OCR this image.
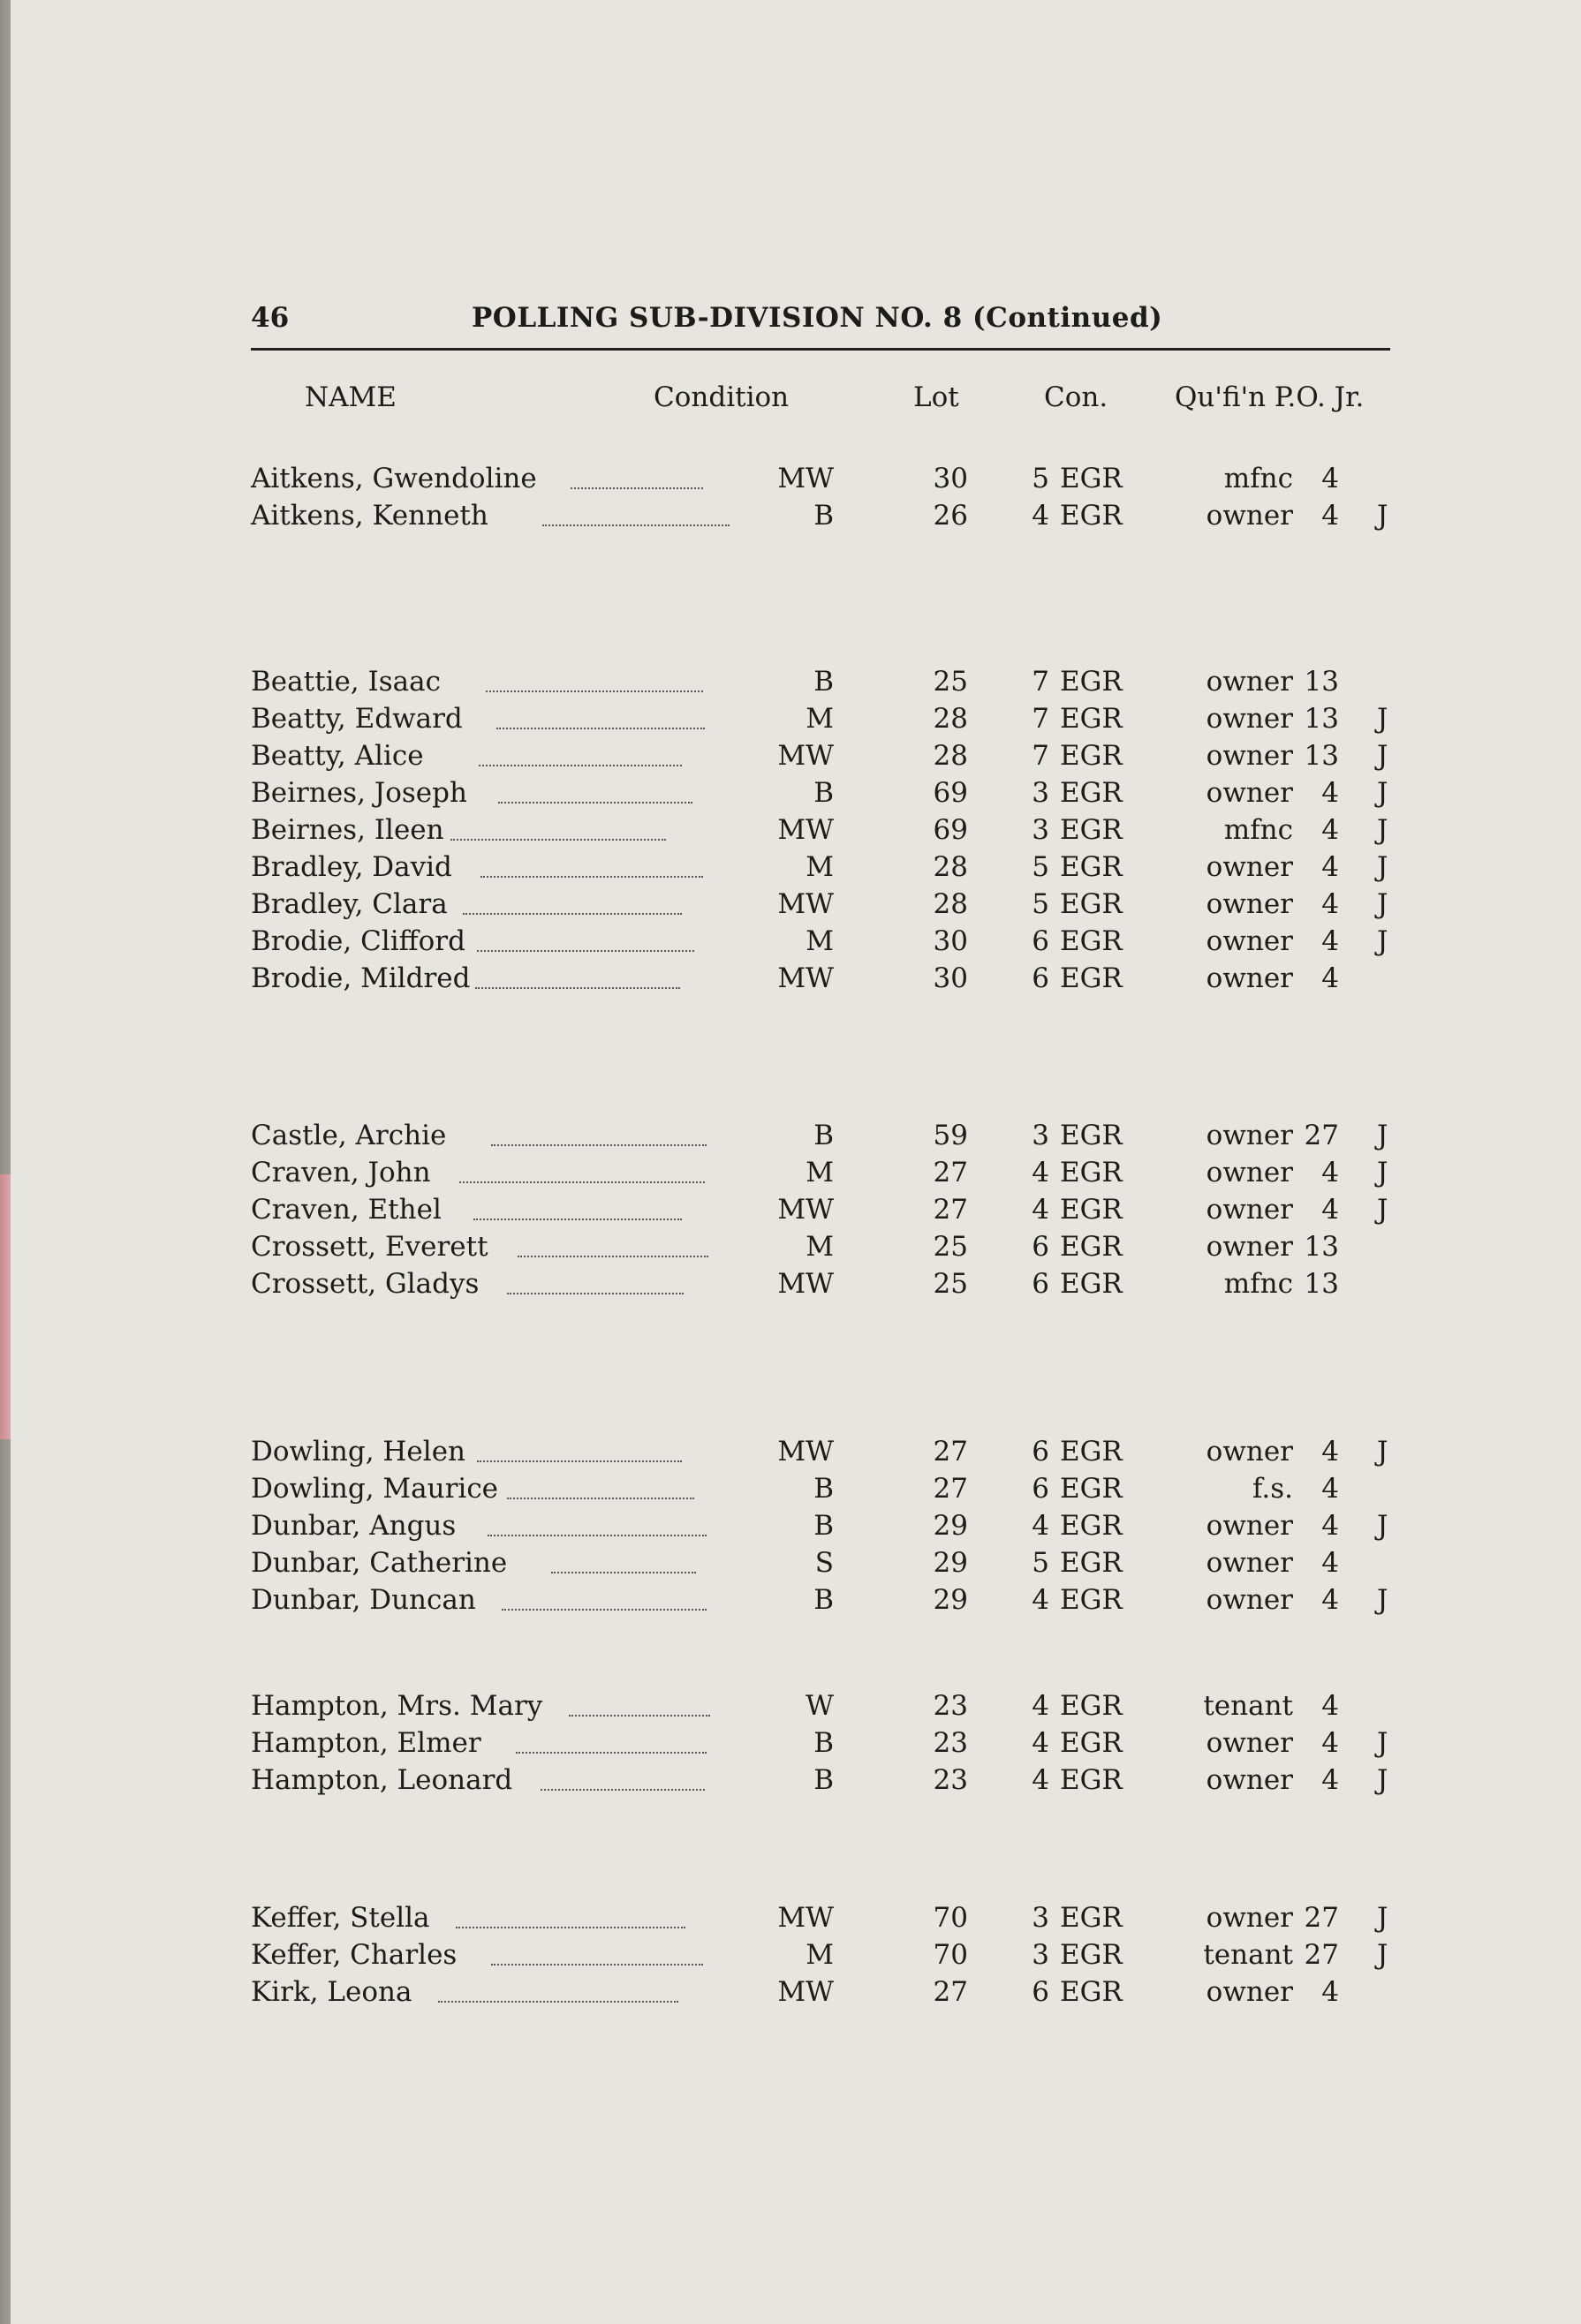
46	POLLING SUB-DIVISION NO. 8 (Continued)
NAME	Condition	Lot	Con. Qu'fi'n P.O. Jr.
Aitkens, Gwendoline	MW	30	5 EGR	mfnc	4
Aitkens, Kenneth	B	26	4 EGR	owner	4 J
Beattie, Isaac	B	25	7 EGR	owner 13
Beatty, Edward	M	28	7 EGR	owner 13 J
Beatty, Alice	MW	28	7 EGR	owner 13 J
Beirnes, Joseph	B	69	3 EGR	owner	4 J
Beirnes, Ileen	MW	69	3 EGR	mfnc	4 J
Bradley, David	M	28	5 EGR	owner	4 J
Bradley, Clara	MW	28	5 EGR	owner	4 J
Brodie, Clifford	M	30	6 EGR	owner	4 J
Brodie, Mildred	MW	30	6 EGR	owner	4
Castle, Archie	B	59	3 EGR	owner 27 J
Craven, John	M	27	4 EGR	owner	4 J
Craven, Ethel	MW	27	4 EGR	owner	4 J
Crossett, Everett	M	25	6 EGR	owner 13
Crossett, Gladys	MW	25	6 EGR	mfnc 13
Dowling, Helen	MW	27	6 EGR	owner	4 J
Dowling, Maurice	B	27	6 EGR	f.s.	4
Dunbar, Angus	B	29	4 EGR	owner	4 J
Dunbar, Catherine	S	29	5 EGR	owner	4
Dunbar, Duncan	B	29	4 EGR	owner	4 J
Hampton, Mrs. Mary	W	23	4 EGR	tenant	4
Hampton, Elmer	B	23	4 EGR	owner	4 J
Hampton, Leonard	B	23	4 EGR	owner	4 J
Keffer, Stella	MW	70	3 EGR	owner 27 J
Keffer, Charles	M	70	3 EGR	tenant 27 J
Kirk, Leona	MW	27	6 EGR	owner	4
